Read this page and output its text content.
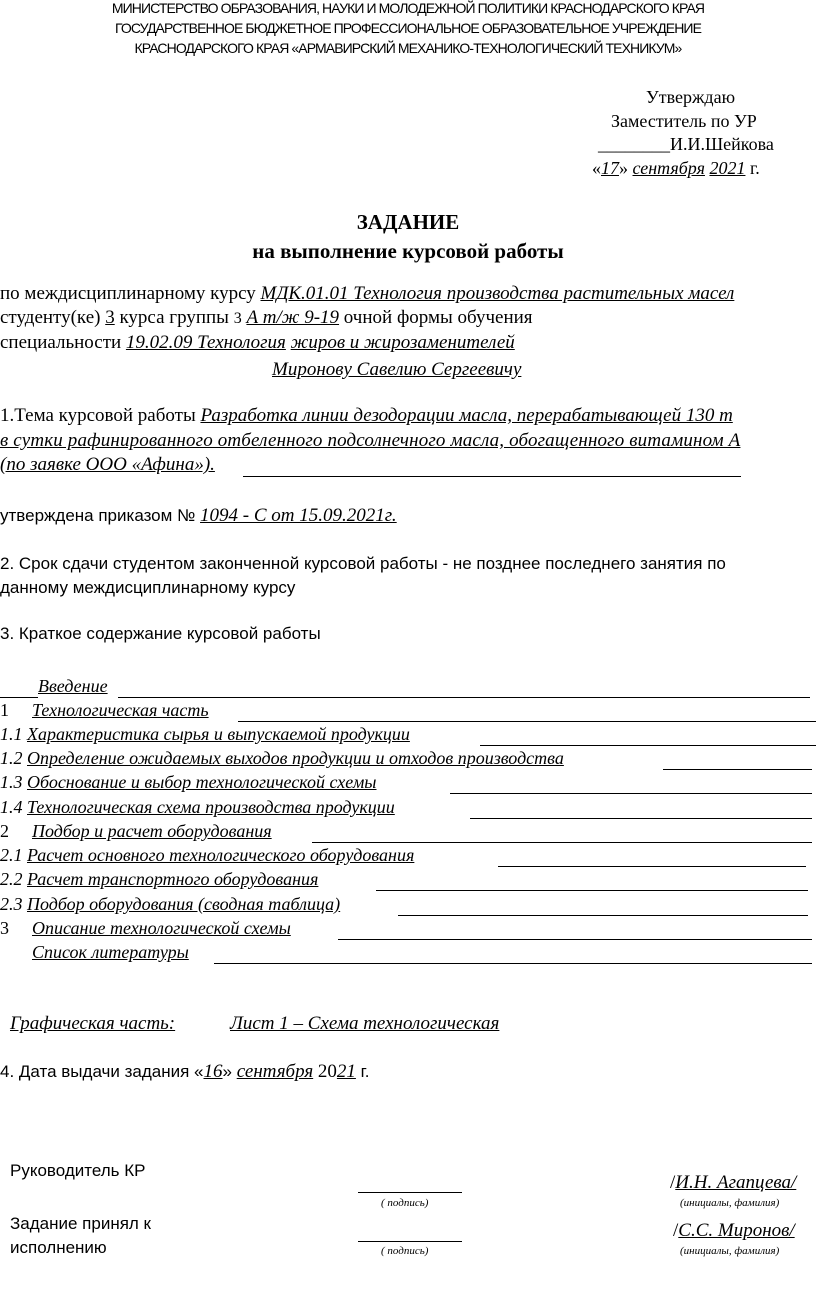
МИНИСТЕРСТВО ОБРАЗОВАНИЯ, НАУКИ И МОЛОДЕЖНОЙ ПОЛИТИКИ КРАСНОДАРСКОГО КРАЯ
ГОСУДАРСТВЕННОЕ БЮДЖЕТНОЕ ПРОФЕССИОНАЛЬНОЕ ОБРАЗОВАТЕЛЬНОЕ УЧРЕЖДЕНИЕ
КРАСНОДАРСКОГО КРАЯ «АРМАВИРСКИЙ МЕХАНИКО-ТЕХНОЛОГИЧЕСКИЙ ТЕХНИКУМ»
Утверждаю
Заместитель по УР
________И.И.Шейкова
«17» сентября 2021 г.
ЗАДАНИЕ
на выполнение курсовой работы
по междисциплинарному курсу МДК.01.01 Технология производства растительных масел
студенту(ке) 3 курса группы 3 А т/ж 9-19 очной формы обучения
специальности 19.02.09 Технология жиров и жирозаменителей
Миронову Савелию Сергеевичу
1.Тема курсовой работы Разработка линии дезодорации масла, перерабатывающей 130 т
в сутки рафинированного отбеленного подсолнечного масла, обогащенного витамином А
(по заявке ООО «Афина»).
утверждена приказом № 1094 - С от 15.09.2021г.
2. Срок сдачи студентом законченной курсовой работы - не позднее последнего занятия по
данному междисциплинарному курсу
3. Краткое содержание курсовой работы
Введение
1 Технологическая часть
1.1 Характеристика сырья и выпускаемой продукции
1.2 Определение ожидаемых выходов продукции и отходов производства
1.3 Обоснование и выбор технологической схемы
1.4 Технологическая схема производства продукции
2 Подбор и расчет оборудования
2.1 Расчет основного технологического оборудования
2.2 Расчет транспортного оборудования
2.3 Подбор оборудования (сводная таблица)
3 Описание технологической схемы
Список литературы
Графическая часть:	Лист 1 – Схема технологическая
4. Дата выдачи задания «16» сентября 2021 г.
Руководитель КР
( подпись)
/И.Н. Агапцева/
(инициалы, фамилия)
Задание принял к
исполнению	( подпись)
/С.С. Миронов/
(инициалы, фамилия)
